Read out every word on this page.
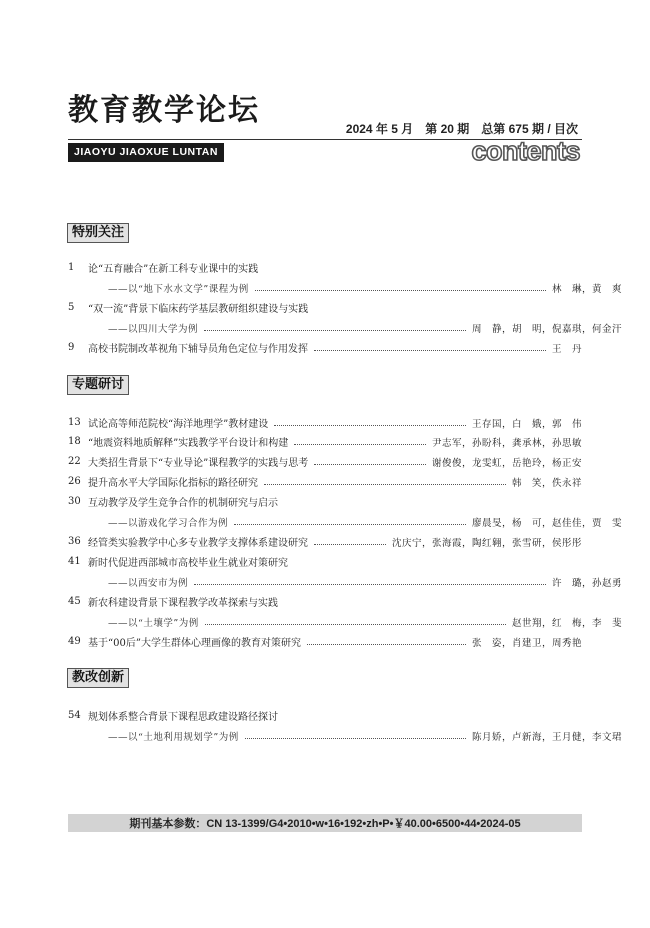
教育教学论坛
2024 年 5 月　第 20 期　总第 675 期 / 目次
JIAOYU JIAOXUE LUNTAN	contents
特别关注
1	论“五育融合”在新工科专业课中的实践
——以“地下水水文学”课程为例	林　琳，黄　爽
5	“双一流”背景下临床药学基层教研组织建设与实践
——以四川大学为例	周　静，胡　明，倪嘉琪，何金汗
9	高校书院制改革视角下辅导员角色定位与作用发挥	王　丹
专题研讨
13 试论高等师范院校“海洋地理学”教材建设	王存国，白　娥，郭　伟
18 “地震资料地质解释”实践教学平台设计和构建	尹志军，孙盼科，龚承林，孙思敏
22 大类招生背景下“专业导论”课程教学的实践与思考	谢俊俊，龙雯虹，岳艳玲，杨正安
26 提升高水平大学国际化指标的路径研究	韩　笑，佚永祥
30 互动教学及学生竞争合作的机制研究与启示
——以游戏化学习合作为例	廖晨旻，杨　可，赵佳佳，贾　雯
36 经管类实验教学中心多专业教学支撑体系建设研究	沈庆宁，张海霞，陶红翱，张雪研，侯彤彤
41 新时代促进西部城市高校毕业生就业对策研究
——以西安市为例	许　璐，孙赵勇
45 新农科建设背景下课程教学改革探索与实践
——以“土壤学”为例	赵世翔，红　梅，李　斐
49 基于“00后”大学生群体心理画像的教育对策研究	张　姿，肖建卫，周秀艳
教改创新
54 规划体系整合背景下课程思政建设路径探讨
——以“土地利用规划学”为例	陈月娇，卢新海，王月健，李文珺
期刊基本参数：CN 13-1399/G4•2010•w•16•192•zh•P•￥40.00•6500•44•2024-05
